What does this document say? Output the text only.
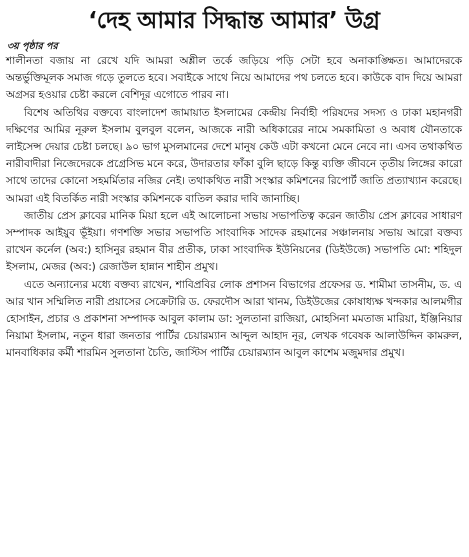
‘দেহ আমার সিদ্ধান্ত আমার’ উগ্র
৩য় পৃষ্ঠার পর

শালীনতা বজায় না রেখে যদি আমরা অশ্লীল তর্কে জড়িয়ে পড়ি সেটা হবে অনাকাঙ্ক্ষিত। আমাদেরকে অন্তর্ভুক্তিমূলক সমাজ গড়ে তুলতে হবে। সবাইকে সাথে নিয়ে আমাদের পথ চলতে হবে। কাউকে বাদ দিয়ে আমরা অগ্রসর হওয়ার চেষ্টা করলে বেশিদূর এগোতে পারব না।

বিশেষ অতিথির বক্তব্যে বাংলাদেশ জামায়াত ইসলামের কেন্দ্রীয় নির্বাহী পরিষদের সদস্য ও ঢাকা মহানগরী দক্ষিণের আমির নূরুল ইসলাম বুলবুল বলেন, আজকে নারী অধিকারের নামে সমকামিতা ও অবাধ যৌনতাকে লাইসেন্স দেয়ার চেষ্টা চলছে। ৯০ ভাগ মুসলমানের দেশে মানুষ কেউ এটা কখনো মেনে নেবে না। এসব তথাকথিত নারীবাদীরা নিজেদেরকে প্রগ্রেসিভ মনে করে, উদারতার ফাঁকা বুলি ছাড়ে কিন্তু ব্যক্তি জীবনে তৃতীয় লিঙ্গের কারো সাথে তাদের কোনো সহমর্মিতার নজির নেই। তথাকথিত নারী সংস্কার কমিশনের রিপোর্ট জাতি প্রত্যাখ্যান করেছে। আমরা এই বিতর্কিত নারী সংস্কার কমিশনকে বাতিল করার দাবি জানাচ্ছি।

জাতীয় প্রেস ক্লাবের মানিক মিয়া হলে এই আলোচনা সভায় সভাপতিত্ব করেন জাতীয় প্রেস ক্লাবের সাধারণ সম্পাদক আইয়ুব ভূঁইয়া। গণশক্তি সভার সভাপতি সাংবাদিক সাদেক রহমানের সঞ্চালনায় সভায় আরো বক্তব্য রাখেন কর্নেল (অব:) হাসিনুর রহমান বীর প্রতীক, ঢাকা সাংবাদিক ইউনিয়নের (ডিইউজে) সভাপতি মো: শহিদুল ইসলাম, মেজর (অব:) রেজাউল হান্নান শাহীন প্রমুখ।

এতে অন্যান্যের মধ্যে বক্তব্য রাখেন, শাবিপ্রবির লোক প্রশাসন বিভাগের প্রফেসর ড. শামীমা তাসনীম, ড. এ আর খান সম্মিলিত নারী প্রয়াসের সেক্রেটারি ড. ফেরদৌস আরা খানম, ডিইউজের কোষাধ্যক্ষ খন্দকার আলমগীর হোসাইন, প্রচার ও প্রকাশনা সম্পাদক আবুল কালাম ডা: সুলতানা রাজিয়া, মোহসিনা মমতাজ মারিয়া, ইঞ্জিনিয়ার নিয়ামা ইসলাম, নতুন ধারা জনতার পার্টির চেয়ারম্যান আব্দুল আহাদ নূর, লেখক গবেষক আলাউদ্দিন কামরুল, মানবাধিকার কর্মী শারমিন সুলতানা চৈতি, জাস্টিস পার্টির চেয়ারম্যান আবুল কাশেম মজুমদার প্রমুখ।
